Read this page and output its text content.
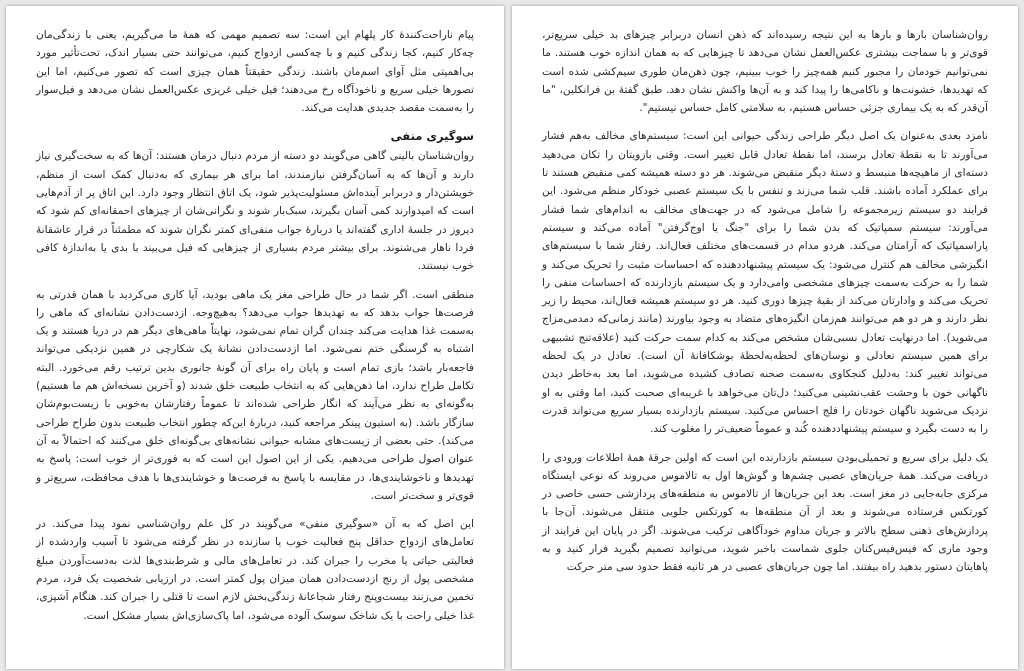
پیام ناراحت‌کنندهٔ کار پلهام این است: سه تصمیم مهمی که همهٔ ما می‌گیریم، یعنی با زندگی‌مان چه‌کار کنیم، کجا زندگی کنیم و با چه‌کسی ازدواج کنیم، می‌توانند حتی بسیار اندک، تحت‌تأثیر مورد بی‌اهمیتی مثل آوای اسم‌مان باشند. زندگی حقیقتاً همان چیزی است که تصور می‌کنیم، اما این تصورها خیلی سریع و ناخودآگاه رخ می‌دهند؛ فیل خیلی غریزی عکس‌العمل نشان می‌دهد و فیل‌سوار را به‌سمت مقصد جدیدی هدایت می‌کند.

سوگیری منفی

روان‌شناسان بالینی گاهی می‌گویند دو دسته از مردم دنبال درمان هستند: آن‌ها که به سخت‌گیری نیاز دارند و آن‌ها که به آسان‌گرفتن نیازمندند، اما برای هر بیماری که به‌دنبال کمک است از منظم، خویشتن‌دار و دربرابر آینده‌اش مسئولیت‌پذیر شود، یک اتاق انتظار وجود دارد. این اتاق پر از آدم‌هایی است که امیدوارند کمی آسان بگیرند، سبک‌بار شوند و نگرانی‌شان از چیزهای احمقانه‌ای کم شود که دیروز در جلسهٔ اداری گفته‌اند یا دربارهٔ جواب منفی‌ای کمتر نگران شوند که مطمئناً در قرار عاشقانهٔ فردا ناهار می‌شنوند. برای بیشتر مردم بسیاری از چیزهایی که فیل می‌بیند با بدی یا به‌اندازهٔ کافی خوب نیستند.

منطقی است. اگر شما در حال طراحی مغز یک ماهی بودید، آیا کاری می‌کردید با همان قدرتی به فرصت‌ها جواب بدهد که به تهدیدها جواب می‌دهد؟ به‌هیچ‌وجه. ازدست‌دادن نشانه‌ای که ماهی را به‌سمت غذا هدایت می‌کند چندان گران تمام نمی‌شود، نهایتاً ماهی‌های دیگر هم در دریا هستند و یک اشتباه به گرسنگی ختم نمی‌شود. اما ازدست‌دادن نشانهٔ یک شکارچی در همین نزدیکی می‌تواند فاجعه‌بار باشد؛ بازی تمام است و پایان راه برای آن گونهٔ جانوری بدین ترتیب رقم می‌خورد. البته تکامل طراح ندارد، اما ذهن‌هایی که به انتخاب طبیعت خلق شدند (و آخرین نسخه‌اش هم ما هستیم) به‌گونه‌ای به نظر می‌آیند که انگار طراحی شده‌اند تا عموماً رفتارشان به‌خوبی با زیست‌بوم‌شان سازگار باشد. (به استیون پینکر مراجعه کنید، دربارهٔ این‌که چطور انتخاب طبیعت بدون طراح طراحی می‌کند). حتی بعضی از زیست‌های مشابه حیوانی نشانه‌های بی‌گونه‌ای خلق می‌کنند که احتمالاً به آن عنوان اصول طراحی می‌دهیم. یکی از این اصول این است که به فوری‌تر از خوب است: پاسخ به تهدیدها و ناخوشایندی‌ها، در مقایسه با پاسخ به فرصت‌ها و خوشایندی‌ها با هدف محافظت، سریع‌تر و قوی‌تر و سخت‌تر است.

این اصل که به آن «سوگیری منفی» می‌گویند در کل علم روان‌شناسی نمود پیدا می‌کند. در تعامل‌های ازدواج حداقل پنج فعالیت خوب یا سازنده در نظر گرفته می‌شود تا آسیب واردشده از فعالیتی حیاتی یا مخرب را جبران کند. در تعامل‌های مالی و شرط‌بندی‌ها لذت به‌دست‌آوردن مبلغ مشخصی پول از رنج ازدست‌دادن همان میزان پول کمتر است. در ارزیابی شخصیت یک فرد، مردم تخمین می‌زنند بیست‌وپنج رفتار شجاعانهٔ زندگی‌بخش لازم است تا قتلی را جبران کند. هنگام آشپزی، غذا خیلی راحت با یک شاخک سوسک آلوده می‌شود، اما پاک‌سازی‌اش بسیار مشکل است.

روان‌شناسان بارها و بارها به این نتیجه رسیده‌اند که ذهن انسان دربرابر چیزهای بد خیلی سریع‌تر، قوی‌تر و با سماجت بیشتری عکس‌العمل نشان می‌دهد تا چیزهایی که به همان اندازه خوب هستند. ما نمی‌توانیم خودمان را مجبور کنیم همه‌چیز را خوب ببینیم، چون ذهن‌مان طوری سیم‌کشی شده است که تهدیدها، خشونت‌ها و ناکامی‌ها را پیدا کند و به آن‌ها واکنش نشان دهد. طبق گفتهٔ بن فرانکلین، "ما آن‌قدر که به یک بیماری جزئی حساس هستیم، به سلامتی کامل حساس نیستیم".

نامزد بعدی به‌عنوان یک اصل دیگر طراحی زندگی حیوانی این است: سیستم‌های مخالف به‌هم فشار می‌آورند تا به نقطهٔ تعادل برسند، اما نقطهٔ تعادل قابل تغییر است. وقتی بازویتان را تکان می‌دهید دسته‌ای از ماهیچه‌ها منبسط و دستهٔ دیگر منقبض می‌شوند. هر دو دسته همیشه کمی منقبض هستند تا برای عملکرد آماده باشند. قلب شما می‌زند و تنفس با یک سیستم عصبی خودکار منظم می‌شود. این فرایند دو سیستم زیرمجموعه را شامل می‌شود که در جهت‌های مخالف به اندام‌های شما فشار می‌آورند: سیستم سمپاتیک که بدن شما را برای "جنگ یا اوج‌گرفتن" آماده می‌کند و سیستم پاراسمپاتیک که آرامتان می‌کند. هردو مدام در قسمت‌های مختلف فعال‌اند. رفتار شما با سیستم‌های انگیزشی مخالف هم کنترل می‌شود: یک سیستم پیشنهاددهنده که احساسات مثبت را تحریک می‌کند و شما را به حرکت به‌سمت چیزهای مشخصی وامی‌دارد و یک سیستم بازدارنده که احساسات منفی را تحریک می‌کند و وادارتان می‌کند از بقیهٔ چیزها دوری کنید. هر دو سیستم همیشه فعال‌اند، محیط را زیر نظر دارند و هر دو هم می‌توانند هم‌زمان انگیزه‌های متضاد به وجود بیاورند (مانند زمانی‌که دمدمی‌مزاج می‌شوید). اما درنهایت تعادل نسبی‌شان مشخص می‌کند به کدام سمت حرکت کنید (علاقه‌تنج تشبیهی برای همین سیستم تعادلی و نوسان‌های لحظه‌به‌لحظهٔ بوشکافانهٔ آن است). تعادل در یک لحظه می‌تواند تغییر کند: به‌دلیل کنجکاوی به‌سمت صحنه تصادف کشیده می‌شوید، اما بعد به‌خاطر دیدن ناگهانی خون با وحشت عقب‌نشینی می‌کنید؛ دل‌تان می‌خواهد با غریبه‌ای صحبت کنید، اما وقتی به او نزدیک می‌شوید ناگهان خودتان را فلج احساس می‌کنید. سیستم بازدارنده بسیار سریع می‌تواند قدرت را به دست بگیرد و سیستم پیشنهاددهنده کُند و عموماً ضعیف‌تر را مغلوب کند.

یک دلیل برای سریع و تحمیلی‌بودن سیستم بازدارنده این است که اولین جرقهٔ همهٔ اطلاعات ورودی را دریافت می‌کند. همهٔ جریان‌های عصبی چشم‌ها و گوش‌ها اول به تالاموس می‌روند که نوعی ایستگاه مرکزی جابه‌جایی در مغز است. بعد این جریان‌ها از تالاموس به منطقه‌های پردازشی حسی خاصی در کورتکس فرستاده می‌شوند و بعد از آن منطقه‌ها به کورتکس جلویی منتقل می‌شوند. آن‌جا با پردازش‌های ذهنی سطح بالاتر و جریان مداوم خودآگاهی ترکیب می‌شوند. اگر در پایان این فرایند از وجود ماری که فیس‌فیس‌کنان جلوی شماست باخبر شوید، می‌توانید تصمیم بگیرید فرار کنید و به پاهایتان دستور بدهید راه بیفتند. اما چون جریان‌های عصبی در هر ثانیه فقط حدود سی متر حرکت
